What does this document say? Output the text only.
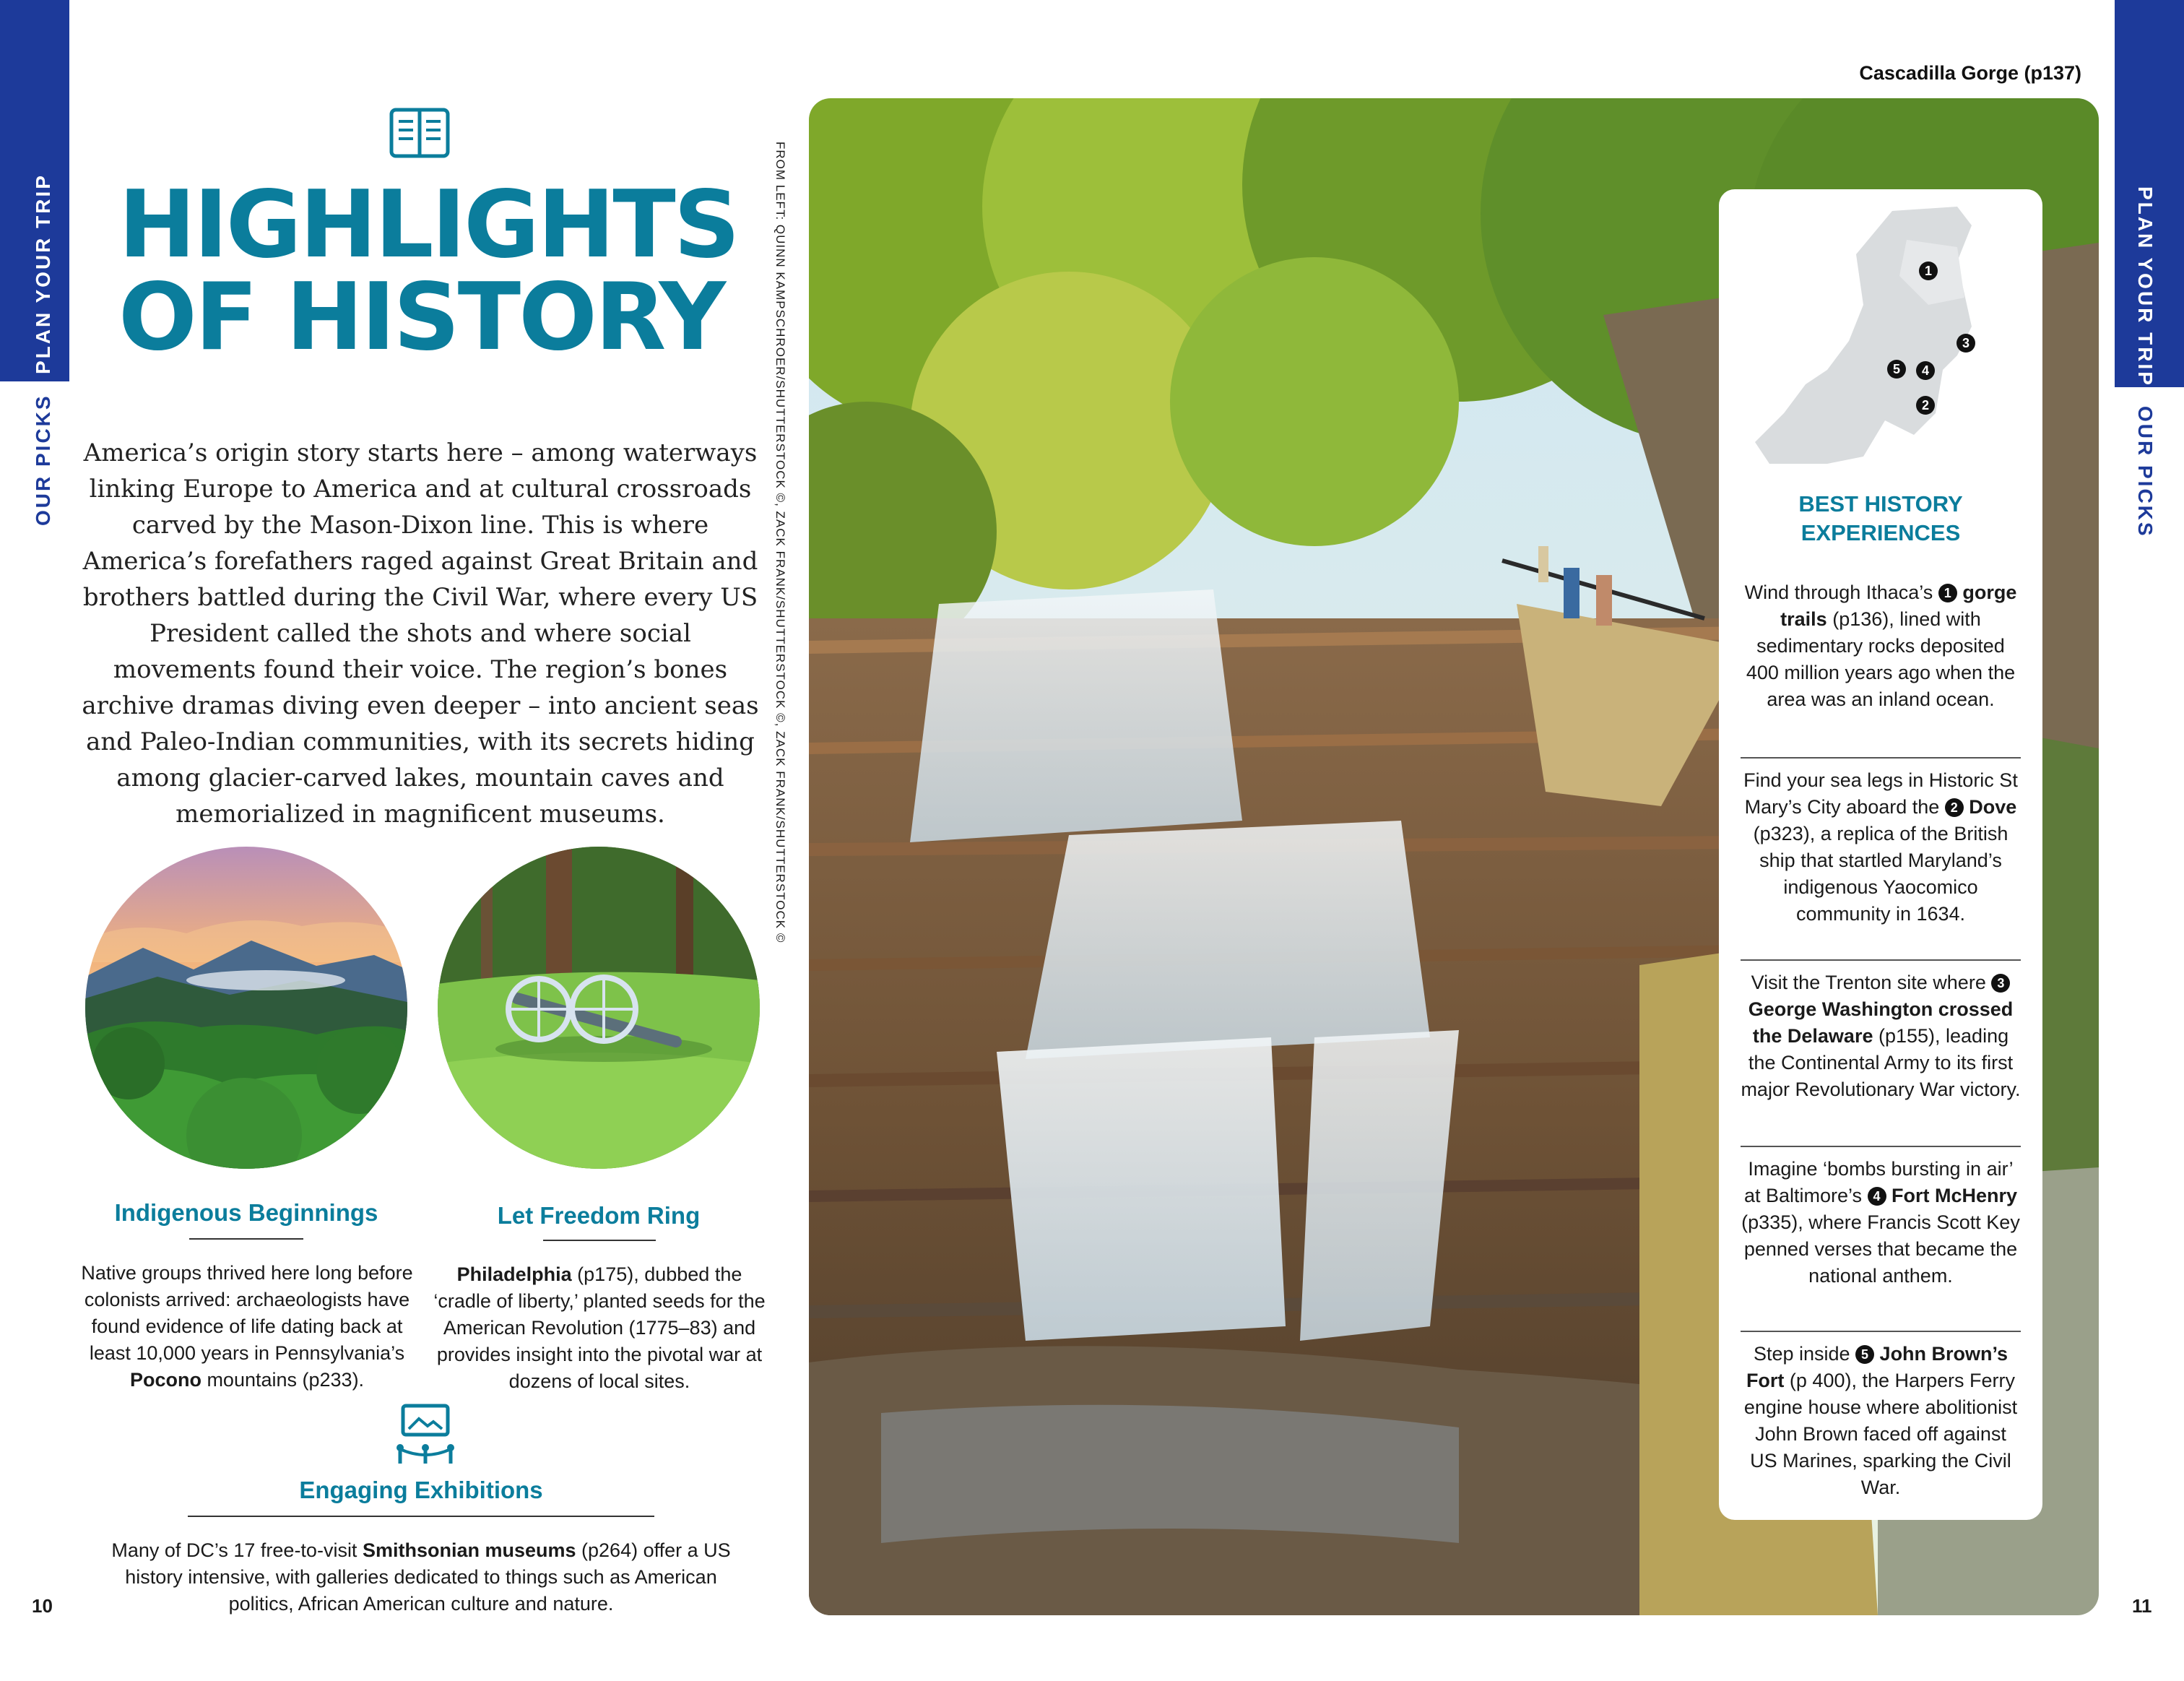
PLAN YOUR TRIP
OUR PICKS
PLAN YOUR TRIP
OUR PICKS
10	11
HIGHLIGHTS
OF HISTORY
America’s origin story starts here – among waterways linking Europe to America and at cultural crossroads carved by the Mason-Dixon line. This is where America’s forefathers raged against Great Britain and brothers battled during the Civil War, where every US President called the shots and where social movements found their voice. The region’s bones archive dramas diving even deeper – into ancient seas and Paleo-Indian communities, with its secrets hiding among glacier-carved lakes, mountain caves and memorialized in magnificent museums.
Indigenous Beginnings
Native groups thrived here long before colonists arrived: archaeologists have found evidence of life dating back at least 10,000 years in Pennsylvania’s Pocono mountains (p233).
Let Freedom Ring
Philadelphia (p175), dubbed the ‘cradle of liberty,’ planted seeds for the American Revolution (1775–83) and provides insight into the pivotal war at dozens of local sites.
Engaging Exhibitions
Many of DC’s 17 free-to-visit Smithsonian museums (p264) offer a US history intensive, with galleries dedicated to things such as American politics, African American culture and nature.
FROM LEFT: QUINN KAMPSCHROER/SHUTTERSTOCK ©, ZACK FRANK/SHUTTERSTOCK ©, ZACK FRANK/SHUTTERSTOCK ©
Cascadilla Gorge (p137)
1
3
5	4
2
BEST HISTORY
EXPERIENCES
Wind through Ithaca’s 1 gorge trails (p136), lined with sedimentary rocks deposited 400 million years ago when the area was an inland ocean.
Find your sea legs in Historic St Mary’s City aboard the 2 Dove (p323), a replica of the British ship that startled Maryland’s indigenous Yaocomico community in 1634.
Visit the Trenton site where 3 George Washington crossed the Delaware (p155), leading the Continental Army to its first major Revolutionary War victory.
Imagine ‘bombs bursting in air’ at Baltimore’s 4 Fort McHenry (p335), where Francis Scott Key penned verses that became the national anthem.
Step inside 5 John Brown’s Fort (p 400), the Harpers Ferry engine house where abolitionist John Brown faced off against US Marines, sparking the Civil War.
